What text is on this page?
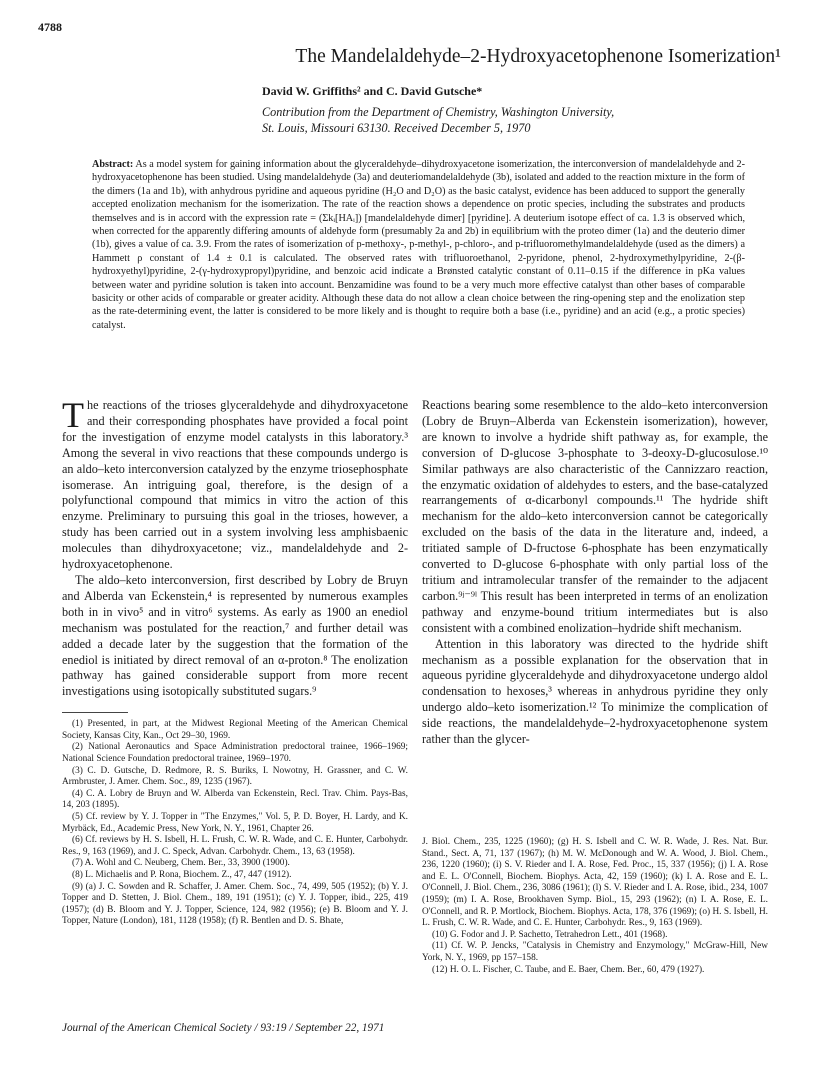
4788
The Mandelaldehyde–2-Hydroxyacetophenone Isomerization¹
David W. Griffiths² and C. David Gutsche*
Contribution from the Department of Chemistry, Washington University,
St. Louis, Missouri 63130. Received December 5, 1970
Abstract: As a model system for gaining information about the glyceraldehyde–dihydroxyacetone isomerization, the interconversion of mandelaldehyde and 2-hydroxyacetophenone has been studied. Using mandelaldehyde (3a) and deuteriomandelaldehyde (3b), isolated and added to the reaction mixture in the form of the dimers (1a and 1b), with anhydrous pyridine and aqueous pyridine (H₂O and D₂O) as the basic catalyst, evidence has been adduced to support the generally accepted enolization mechanism for the isomerization. The rate of the reaction shows a dependence on protic species, including the substrates and products themselves and is in accord with the expression rate = (Σkᵢ[HAᵢ]) [mandelaldehyde dimer] [pyridine]. A deuterium isotope effect of ca. 1.3 is observed which, when corrected for the apparently differing amounts of aldehyde form (presumably 2a and 2b) in equilibrium with the proteo dimer (1a) and the deuterio dimer (1b), gives a value of ca. 3.9. From the rates of isomerization of p-methoxy-, p-methyl-, p-chloro-, and p-trifluoromethylmandelaldehyde (used as the dimers) a Hammett ρ constant of 1.4 ± 0.1 is calculated. The observed rates with trifluoroethanol, 2-pyridone, phenol, 2-hydroxymethylpyridine, 2-(β-hydroxyethyl)pyridine, 2-(γ-hydroxypropyl)pyridine, and benzoic acid indicate a Brønsted catalytic constant of 0.11–0.15 if the difference in pKa values between water and pyridine solution is taken into account. Benzamidine was found to be a very much more effective catalyst than other bases of comparable basicity or other acids of comparable or greater acidity. Although these data do not allow a clean choice between the ring-opening step and the enolization step as the rate-determining event, the latter is considered to be more likely and is thought to require both a base (i.e., pyridine) and an acid (e.g., a protic species) catalyst.

The reactions of the trioses glyceraldehyde and dihydroxyacetone and their corresponding phosphates have provided a focal point for the investigation of enzyme model catalysts in this laboratory.³ Among the several in vivo reactions that these compounds undergo is an aldo–keto interconversion catalyzed by the enzyme triosephosphate isomerase. An intriguing goal, therefore, is the design of a polyfunctional compound that mimics in vitro the action of this enzyme. Preliminary to pursuing this goal in the trioses, however, a study has been carried out in a system involving less amphisbaenic molecules than dihydroxyacetone; viz., mandelaldehyde and 2-hydroxyacetophenone.

The aldo–keto interconversion, first described by Lobry de Bruyn and Alberda van Eckenstein,⁴ is represented by numerous examples both in in vivo⁵ and in vitro⁶ systems. As early as 1900 an enediol mechanism was postulated for the reaction,⁷ and further detail was added a decade later by the suggestion that the formation of the enediol is initiated by direct removal of an α-proton.⁸ The enolization pathway has gained considerable support from more recent investigations using isotopically substituted sugars.⁹

(1) Presented, in part, at the Midwest Regional Meeting of the American Chemical Society, Kansas City, Kan., Oct 29–30, 1969.
(2) National Aeronautics and Space Administration predoctoral trainee, 1966–1969; National Science Foundation predoctoral trainee, 1969–1970.
(3) C. D. Gutsche, D. Redmore, R. S. Buriks, I. Nowotny, H. Grassner, and C. W. Armbruster, J. Amer. Chem. Soc., 89, 1235 (1967).
(4) C. A. Lobry de Bruyn and W. Alberda van Eckenstein, Recl. Trav. Chim. Pays-Bas, 14, 203 (1895).
(5) Cf. review by Y. J. Topper in "The Enzymes," Vol. 5, P. D. Boyer, H. Lardy, and K. Myrbäck, Ed., Academic Press, New York, N. Y., 1961, Chapter 26.
(6) Cf. reviews by H. S. Isbell, H. L. Frush, C. W. R. Wade, and C. E. Hunter, Carbohydr. Res., 9, 163 (1969), and J. C. Speck, Advan. Carbohydr. Chem., 13, 63 (1958).
(7) A. Wohl and C. Neuberg, Chem. Ber., 33, 3900 (1900).
(8) L. Michaelis and P. Rona, Biochem. Z., 47, 447 (1912).
(9) (a) J. C. Sowden and R. Schaffer, J. Amer. Chem. Soc., 74, 499, 505 (1952); (b) Y. J. Topper and D. Stetten, J. Biol. Chem., 189, 191 (1951); (c) Y. J. Topper, ibid., 225, 419 (1957); (d) B. Bloom and Y. J. Topper, Science, 124, 982 (1956); (e) B. Bloom and Y. J. Topper, Nature (London), 181, 1128 (1958); (f) R. Bentlen and D. S. Bhate,

Reactions bearing some resemblence to the aldo–keto interconversion (Lobry de Bruyn–Alberda van Eckenstein isomerization), however, are known to involve a hydride shift pathway as, for example, the conversion of D-glucose 3-phosphate to 3-deoxy-D-glucosulose.¹⁰ Similar pathways are also characteristic of the Cannizzaro reaction, the enzymatic oxidation of aldehydes to esters, and the base-catalyzed rearrangements of α-dicarbonyl compounds.¹¹ The hydride shift mechanism for the aldo–keto interconversion cannot be categorically excluded on the basis of the data in the literature and, indeed, a tritiated sample of D-fructose 6-phosphate has been enzymatically converted to D-glucose 6-phosphate with only partial loss of the tritium and intramolecular transfer of the remainder to the adjacent carbon.⁹ʲ⁻⁹ˡ This result has been interpreted in terms of an enolization pathway and enzyme-bound tritium intermediates but is also consistent with a combined enolization–hydride shift mechanism.

Attention in this laboratory was directed to the hydride shift mechanism as a possible explanation for the observation that in aqueous pyridine glyceraldehyde and dihydroxyacetone undergo aldol condensation to hexoses,³ whereas in anhydrous pyridine they only undergo aldo–keto isomerization.¹² To minimize the complication of side reactions, the mandelaldehyde–2-hydroxyacetophenone system rather than the glycer-

J. Biol. Chem., 235, 1225 (1960); (g) H. S. Isbell and C. W. R. Wade, J. Res. Nat. Bur. Stand., Sect. A, 71, 137 (1967); (h) M. W. McDonough and W. A. Wood, J. Biol. Chem., 236, 1220 (1960); (i) S. V. Rieder and I. A. Rose, Fed. Proc., 15, 337 (1956); (j) I. A. Rose and E. L. O'Connell, Biochem. Biophys. Acta, 42, 159 (1960); (k) I. A. Rose and E. L. O'Connell, J. Biol. Chem., 236, 3086 (1961); (l) S. V. Rieder and I. A. Rose, ibid., 234, 1007 (1959); (m) I. A. Rose, Brookhaven Symp. Biol., 15, 293 (1962); (n) I. A. Rose, E. L. O'Connell, and R. P. Mortlock, Biochem. Biophys. Acta, 178, 376 (1969); (o) H. S. Isbell, H. L. Frush, C. W. R. Wade, and C. E. Hunter, Carbohydr. Res., 9, 163 (1969).
(10) G. Fodor and J. P. Sachetto, Tetrahedron Lett., 401 (1968).
(11) Cf. W. P. Jencks, "Catalysis in Chemistry and Enzymology," McGraw-Hill, New York, N. Y., 1969, pp 157–158.
(12) H. O. L. Fischer, C. Taube, and E. Baer, Chem. Ber., 60, 479 (1927).
Journal of the American Chemical Society / 93:19 / September 22, 1971
